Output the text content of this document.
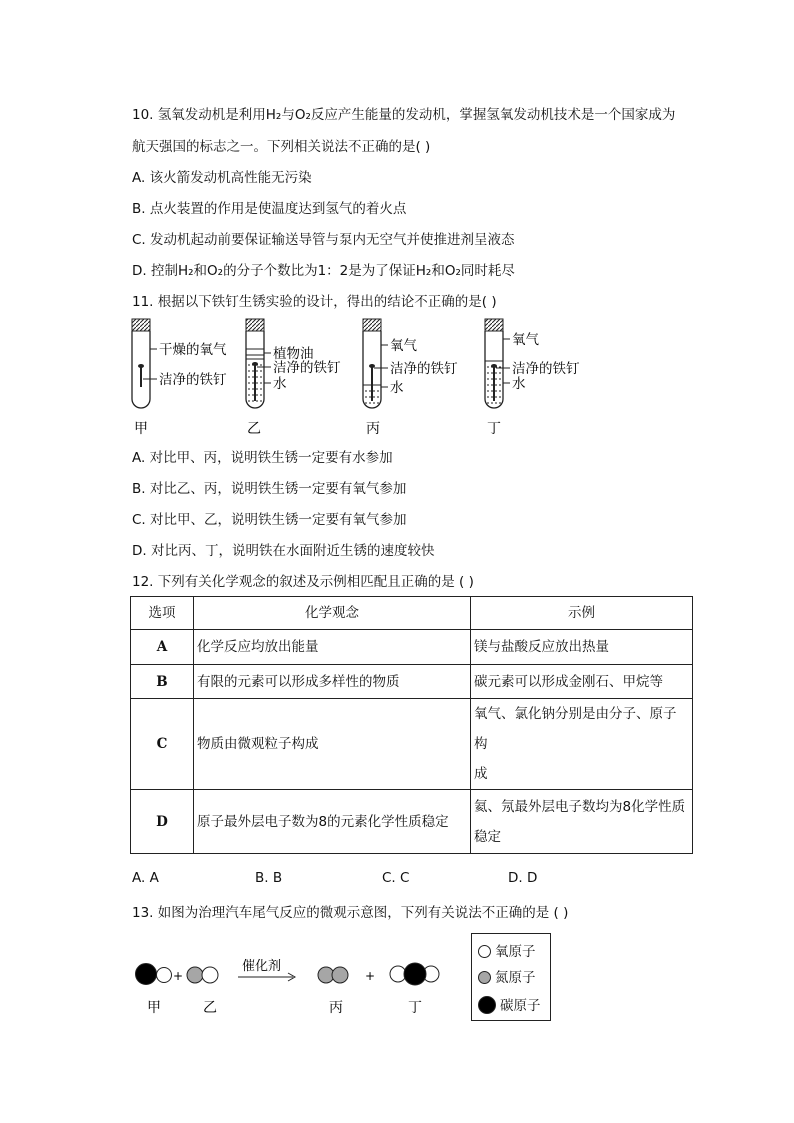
10. 氢氧发动机是利用H₂与O₂反应产生能量的发动机，掌握氢氧发动机技术是一个国家成为
航天强国的标志之一。下列相关说法不正确的是( )
A. 该火箭发动机高性能无污染
B. 点火装置的作用是使温度达到氢气的着火点
C. 发动机起动前要保证输送导管与泵内无空气并使推进剂呈液态
D. 控制H₂和O₂的分子个数比为1：2是为了保证H₂和O₂同时耗尽
11. 根据以下铁钉生锈实验的设计，得出的结论不正确的是( )
干燥的氧气
洁净的铁钉
植物油
洁净的铁钉
水
氧气
洁净的铁钉
水
氧气
洁净的铁钉
水
甲	乙	丙	丁
A. 对比甲、丙，说明铁生锈一定要有水参加
B. 对比乙、丙，说明铁生锈一定要有氧气参加
C. 对比甲、乙，说明铁生锈一定要有氧气参加
D. 对比丙、丁，说明铁在水面附近生锈的速度较快
12. 下列有关化学观念的叙述及示例相匹配且正确的是 ( )
选项	化学观念	示例
A	化学反应均放出能量	镁与盐酸反应放出热量
B	有限的元素可以形成多样性的物质	碳元素可以形成金刚石、甲烷等
C	物质由微观粒子构成	氧气、氯化钠分别是由分子、原子构
成

D	原子最外层电子数为8的元素化学性质稳定	氦、氖最外层电子数均为8化学性质
稳定
A. A	B. B	C. C	D. D
13. 如图为治理汽车尾气反应的微观示意图，下列有关说法不正确的是 ( )
+
催化剂
+
甲	乙	丙	丁
氧原子
氮原子
碳原子
